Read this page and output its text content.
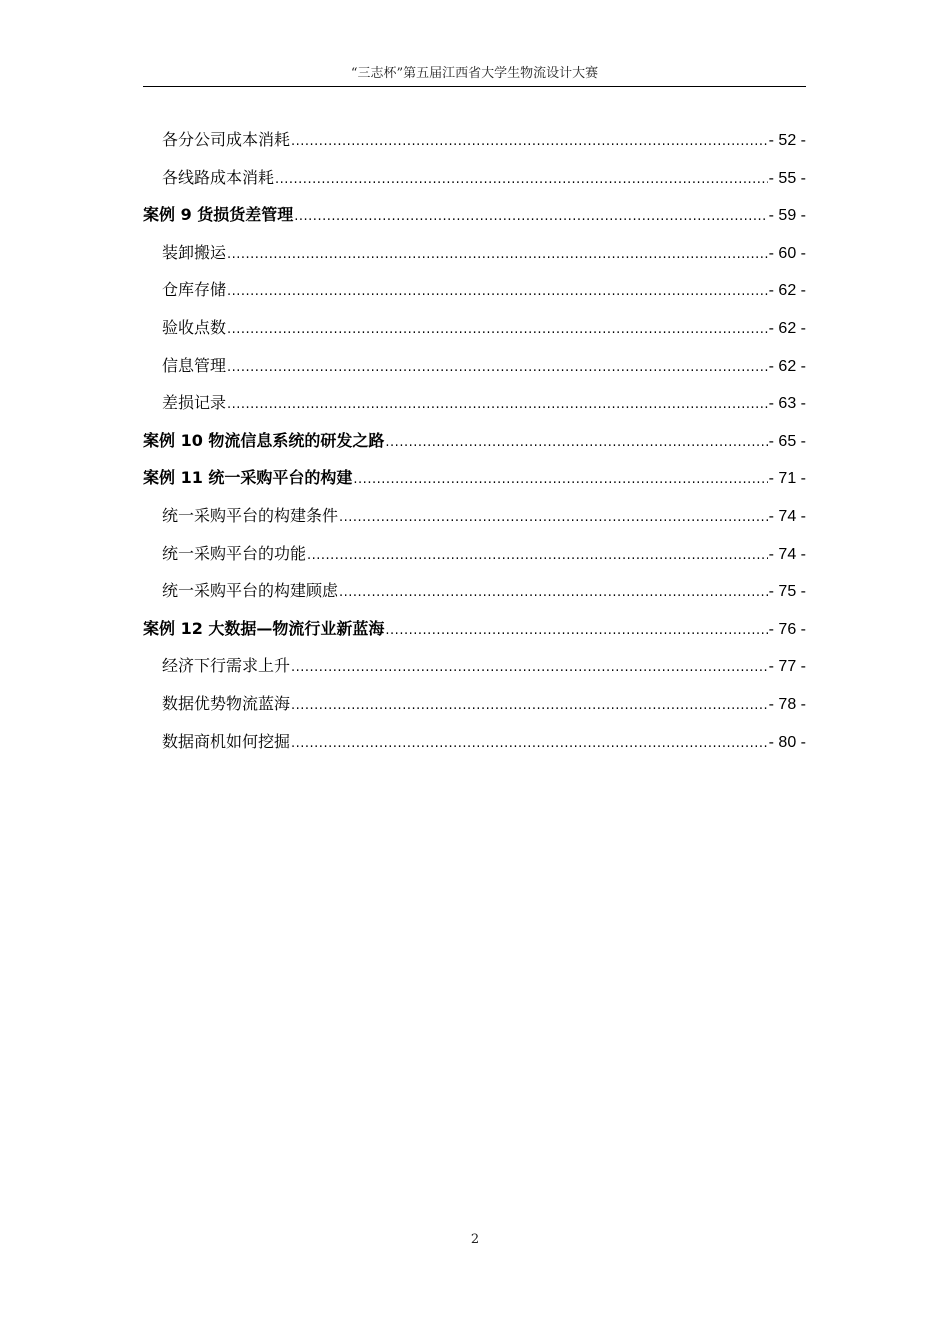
“三志杯”第五届江西省大学生物流设计大赛
各分公司成本消耗 .....	- 52 -
各线路成本消耗 .....	- 55 -
案例 9 货损货差管理 .....	- 59 -
装卸搬运 .....	- 60 -
仓库存储 .....	- 62 -
验收点数 .....	- 62 -
信息管理 .....	- 62 -
差损记录 .....	- 63 -
案例 10 物流信息系统的研发之路 .....	- 65 -
案例 11 统一采购平台的构建 .....	- 71 -
统一采购平台的构建条件 .....	- 74 -
统一采购平台的功能 .....	- 74 -
统一采购平台的构建顾虑 .....	- 75 -
案例 12 大数据—物流行业新蓝海 .....	- 76 -
经济下行需求上升 .....	- 77 -
数据优势物流蓝海 .....	- 78 -
数据商机如何挖掘 .....	- 80 -
2
